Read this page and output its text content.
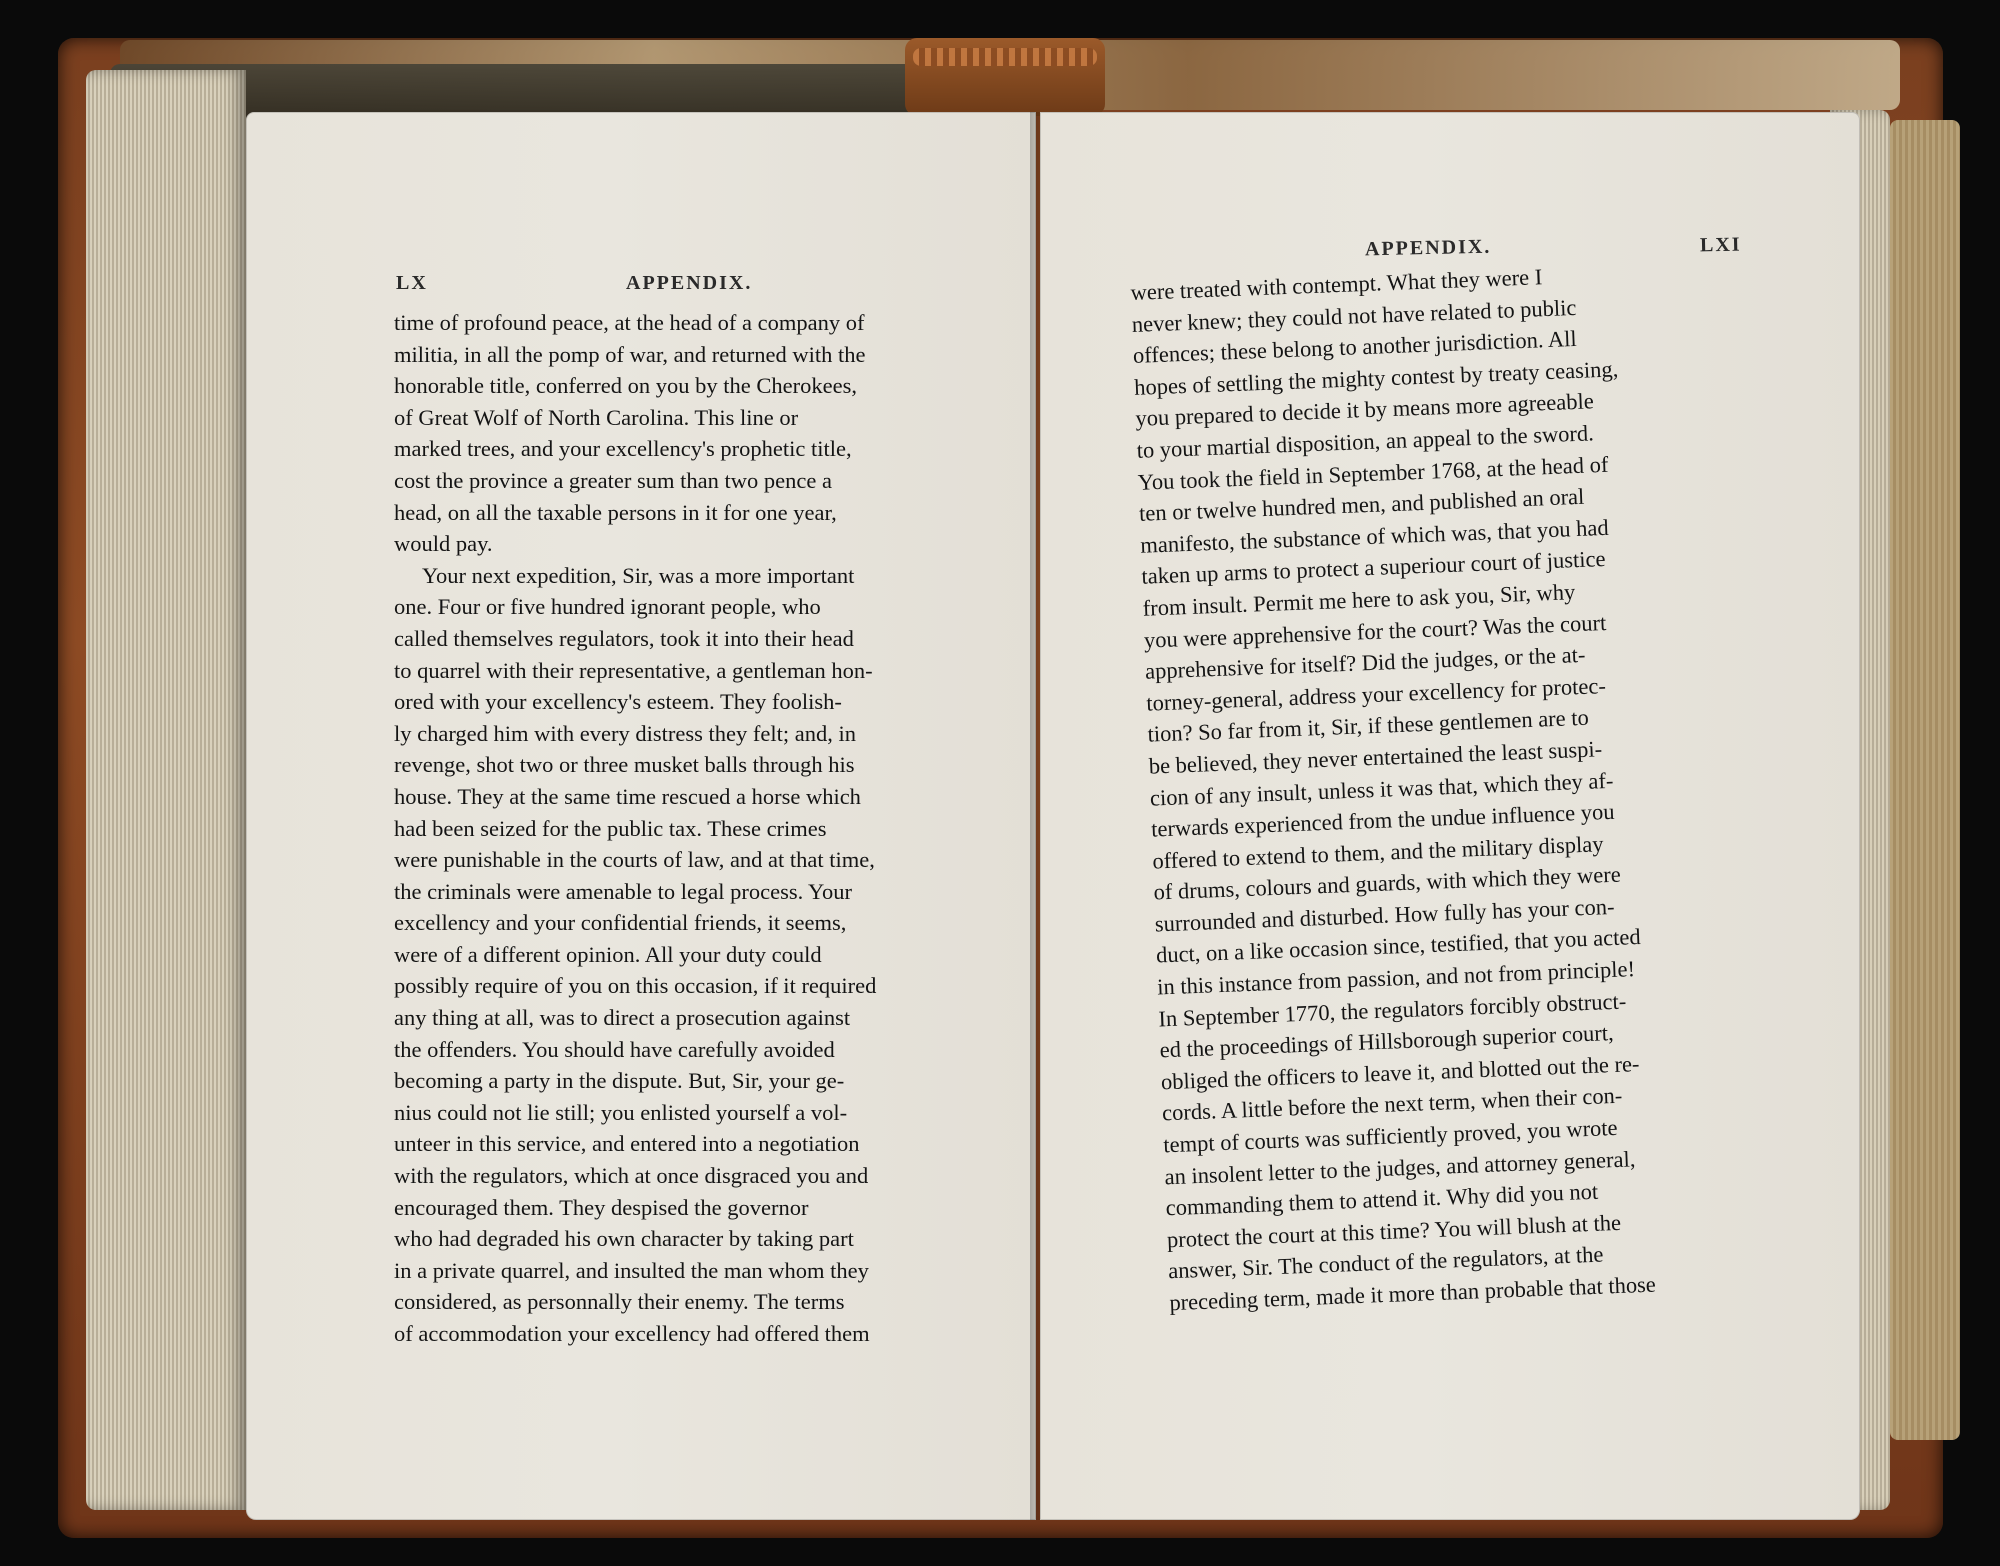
LX	APPENDIX.
time of profound peace, at the head of a company of
militia, in all the pomp of war, and returned with the
honorable title, conferred on you by the Cherokees,
of Great Wolf of North Carolina. This line or
marked trees, and your excellency's prophetic title,
cost the province a greater sum than two pence a
head, on all the taxable persons in it for one year,
would pay.
Your next expedition, Sir, was a more important
one. Four or five hundred ignorant people, who
called themselves regulators, took it into their head
to quarrel with their representative, a gentleman hon-
ored with your excellency's esteem. They foolish-
ly charged him with every distress they felt; and, in
revenge, shot two or three musket balls through his
house. They at the same time rescued a horse which
had been seized for the public tax. These crimes
were punishable in the courts of law, and at that time,
the criminals were amenable to legal process. Your
excellency and your confidential friends, it seems,
were of a different opinion. All your duty could
possibly require of you on this occasion, if it required
any thing at all, was to direct a prosecution against
the offenders. You should have carefully avoided
becoming a party in the dispute. But, Sir, your ge-
nius could not lie still; you enlisted yourself a vol-
unteer in this service, and entered into a negotiation
with the regulators, which at once disgraced you and
encouraged them. They despised the governor
who had degraded his own character by taking part
in a private quarrel, and insulted the man whom they
considered, as personnally their enemy. The terms
of accommodation your excellency had offered them
APPENDIX.	LXI
were treated with contempt. What they were I
never knew; they could not have related to public
offences; these belong to another jurisdiction. All
hopes of settling the mighty contest by treaty ceasing,
you prepared to decide it by means more agreeable
to your martial disposition, an appeal to the sword.
You took the field in September 1768, at the head of
ten or twelve hundred men, and published an oral
manifesto, the substance of which was, that you had
taken up arms to protect a superiour court of justice
from insult. Permit me here to ask you, Sir, why
you were apprehensive for the court? Was the court
apprehensive for itself? Did the judges, or the at-
torney-general, address your excellency for protec-
tion? So far from it, Sir, if these gentlemen are to
be believed, they never entertained the least suspi-
cion of any insult, unless it was that, which they af-
terwards experienced from the undue influence you
offered to extend to them, and the military display
of drums, colours and guards, with which they were
surrounded and disturbed. How fully has your con-
duct, on a like occasion since, testified, that you acted
in this instance from passion, and not from principle!
In September 1770, the regulators forcibly obstruct-
ed the proceedings of Hillsborough superior court,
obliged the officers to leave it, and blotted out the re-
cords. A little before the next term, when their con-
tempt of courts was sufficiently proved, you wrote
an insolent letter to the judges, and attorney general,
commanding them to attend it. Why did you not
protect the court at this time? You will blush at the
answer, Sir. The conduct of the regulators, at the
preceding term, made it more than probable that those
